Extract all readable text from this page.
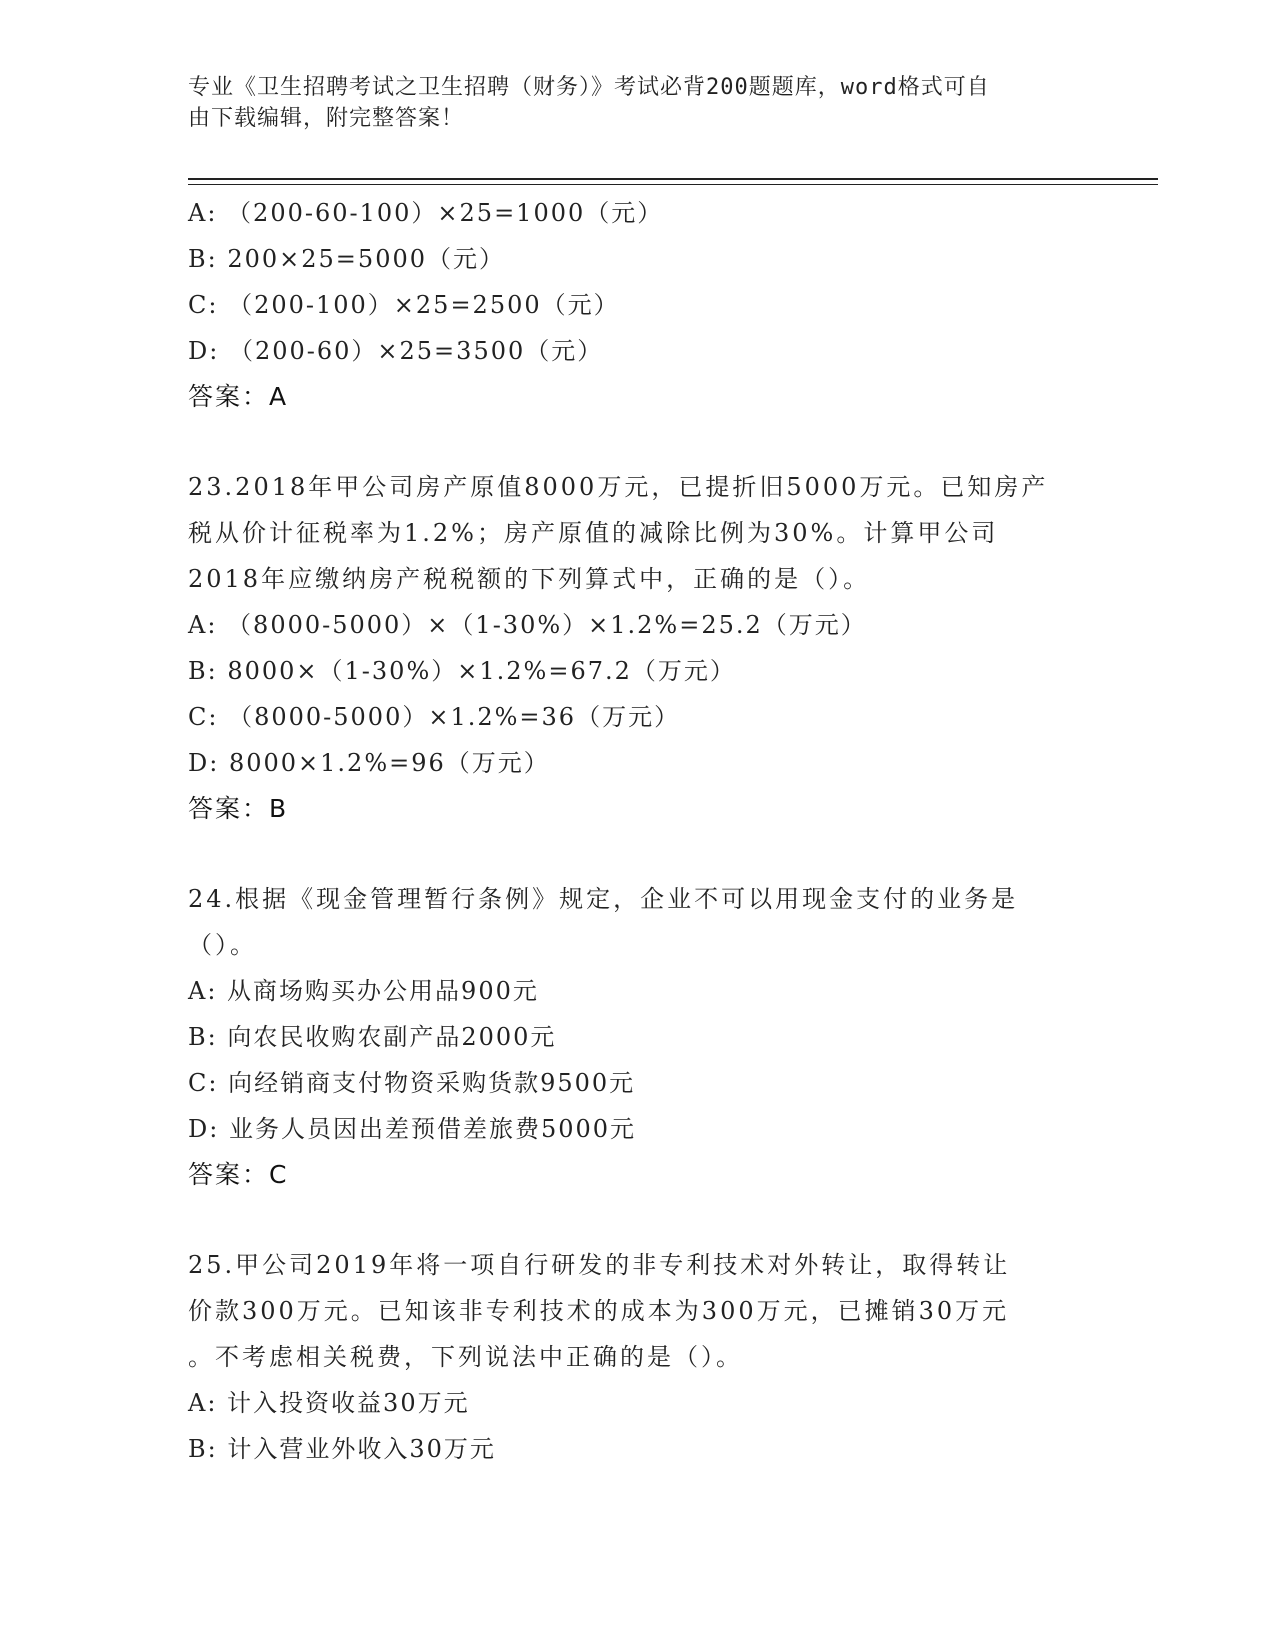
专业《卫生招聘考试之卫生招聘（财务）》考试必背200题题库，word格式可自
由下载编辑，附完整答案！
A: （200-60-100）×25=1000（元）
B: 200×25=5000（元）
C: （200-100）×25=2500（元）
D: （200-60）×25=3500（元）
答案：A
23.2018年甲公司房产原值8000万元，已提折旧5000万元。已知房产
税从价计征税率为1.2%；房产原值的减除比例为30%。计算甲公司
2018年应缴纳房产税税额的下列算式中，正确的是（）。
A: （8000-5000）×（1-30%）×1.2%=25.2（万元）
B: 8000×（1-30%）×1.2%=67.2（万元）
C: （8000-5000）×1.2%=36（万元）
D: 8000×1.2%=96（万元）
答案：B
24.根据《现金管理暂行条例》规定，企业不可以用现金支付的业务是
（）。
A: 从商场购买办公用品900元
B: 向农民收购农副产品2000元
C: 向经销商支付物资采购货款9500元
D: 业务人员因出差预借差旅费5000元
答案：C
25.甲公司2019年将一项自行研发的非专利技术对外转让，取得转让
价款300万元。已知该非专利技术的成本为300万元，已摊销30万元
。不考虑相关税费，下列说法中正确的是（）。
A: 计入投资收益30万元
B: 计入营业外收入30万元
